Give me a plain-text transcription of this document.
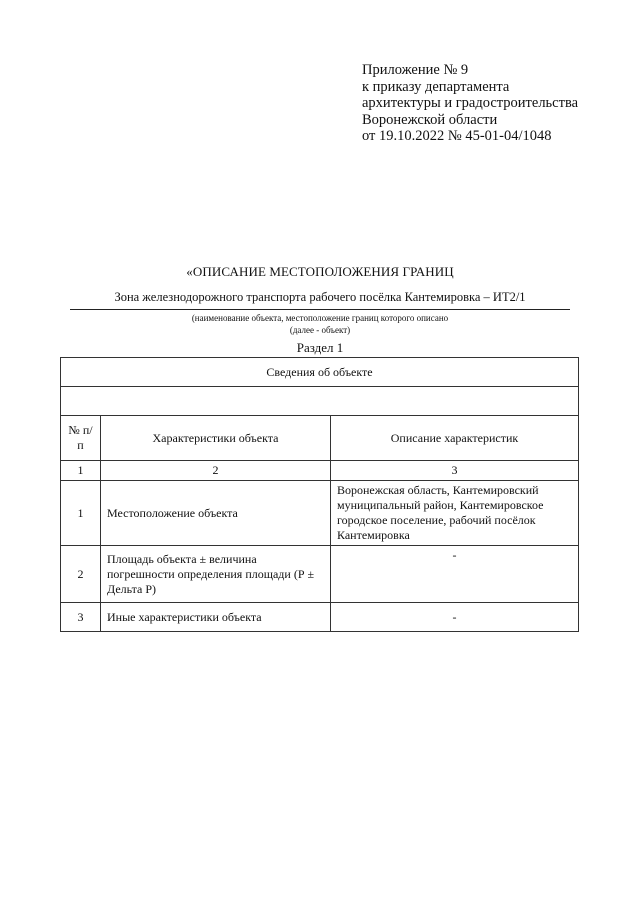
Приложение № 9
к приказу департамента
архитектуры и градостроительства
Воронежской области
от 19.10.2022 № 45-01-04/1048
«ОПИСАНИЕ МЕСТОПОЛОЖЕНИЯ ГРАНИЦ
Зона железнодорожного транспорта рабочего посёлка Кантемировка – ИТ2/1
(наименование объекта, местоположение границ которого описано
(далее - объект)
Раздел 1
Сведения об объекте		

№ п/п	Характеристики объекта	Описание характеристик
1	2	3
1	Местоположение объекта	Воронежская область, Кантемировский муниципальный район, Кантемировское городское поселение, рабочий посёлок Кантемировка
2	Площадь объекта ± величина погрешности определения площади (Р ± Дельта Р)	-
3	Иные характеристики объекта	-
